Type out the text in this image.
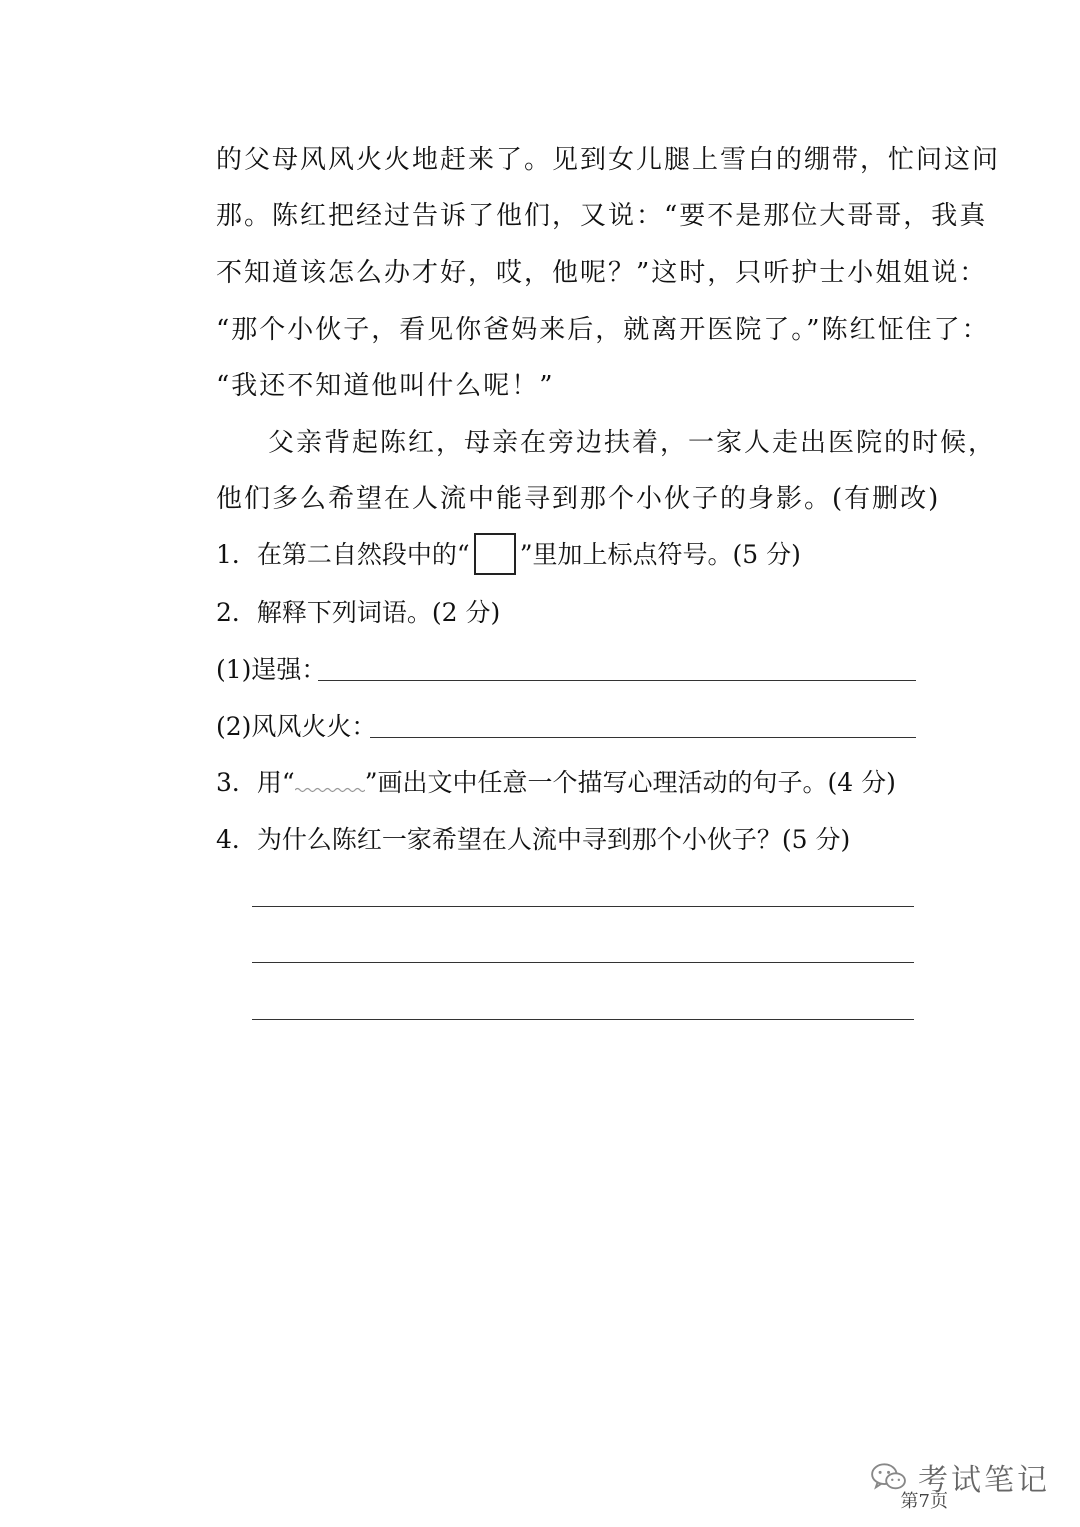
的父母风风火火地赶来了。见到女儿腿上雪白的绷带，忙问这问
那。陈红把经过告诉了他们，又说：“要不是那位大哥哥，我真
不知道该怎么办才好，哎，他呢？”这时，只听护士小姐姐说：
“那个小伙子，看见你爸妈来后，就离开医院了。”陈红怔住了：
“我还不知道他叫什么呢！”
父亲背起陈红，母亲在旁边扶着，一家人走出医院的时候，
他们多么希望在人流中能寻到那个小伙子的身影。(有删改)
1．在第二自然段中的“ ”里加上标点符号。(5 分)
2．解释下列词语。(2 分)
(1)逞强：
(2)风风火火：
3．用“	”画出文中任意一个描写心理活动的句子。(4 分)
4．为什么陈红一家希望在人流中寻到那个小伙子？(5 分)
考试笔记
第7页
